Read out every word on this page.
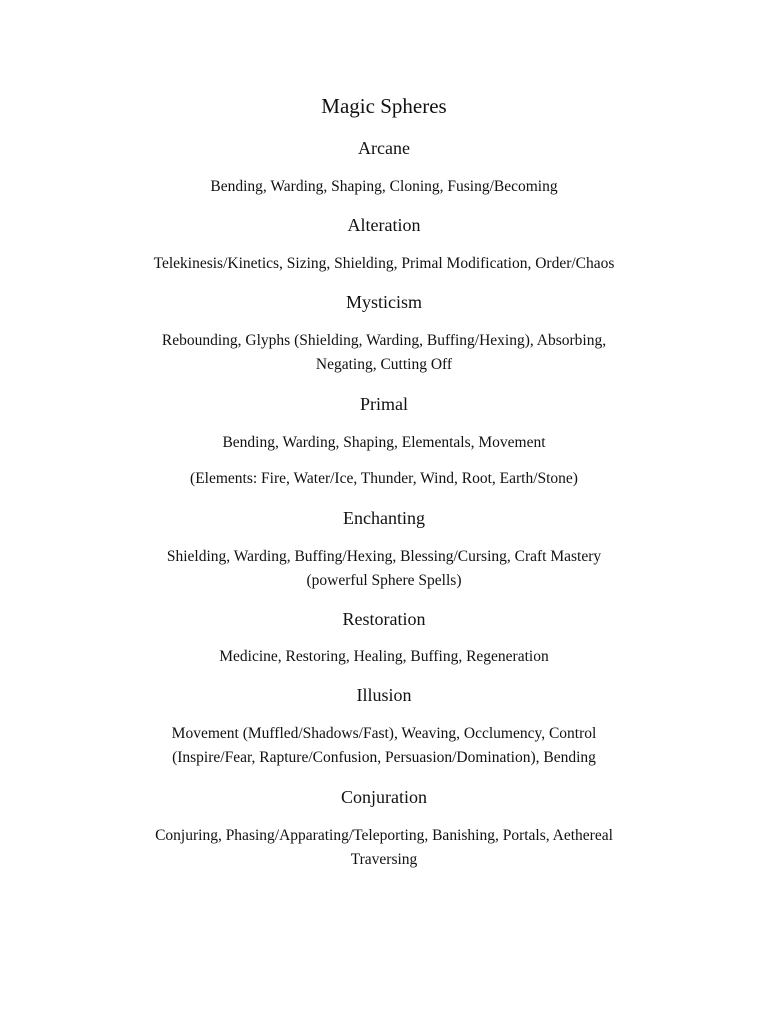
Magic Spheres
Arcane
Bending, Warding, Shaping, Cloning, Fusing/Becoming
Alteration
Telekinesis/Kinetics, Sizing, Shielding, Primal Modification, Order/Chaos
Mysticism
Rebounding, Glyphs (Shielding, Warding, Buffing/Hexing), Absorbing,
Negating, Cutting Off
Primal
Bending, Warding, Shaping, Elementals, Movement
(Elements: Fire, Water/Ice, Thunder, Wind, Root, Earth/Stone)
Enchanting
Shielding, Warding, Buffing/Hexing, Blessing/Cursing, Craft Mastery
(powerful Sphere Spells)
Restoration
Medicine, Restoring, Healing, Buffing, Regeneration
Illusion
Movement (Muffled/Shadows/Fast), Weaving, Occlumency, Control
(Inspire/Fear, Rapture/Confusion, Persuasion/Domination), Bending
Conjuration
Conjuring, Phasing/Apparating/Teleporting, Banishing, Portals, Aethereal
Traversing
